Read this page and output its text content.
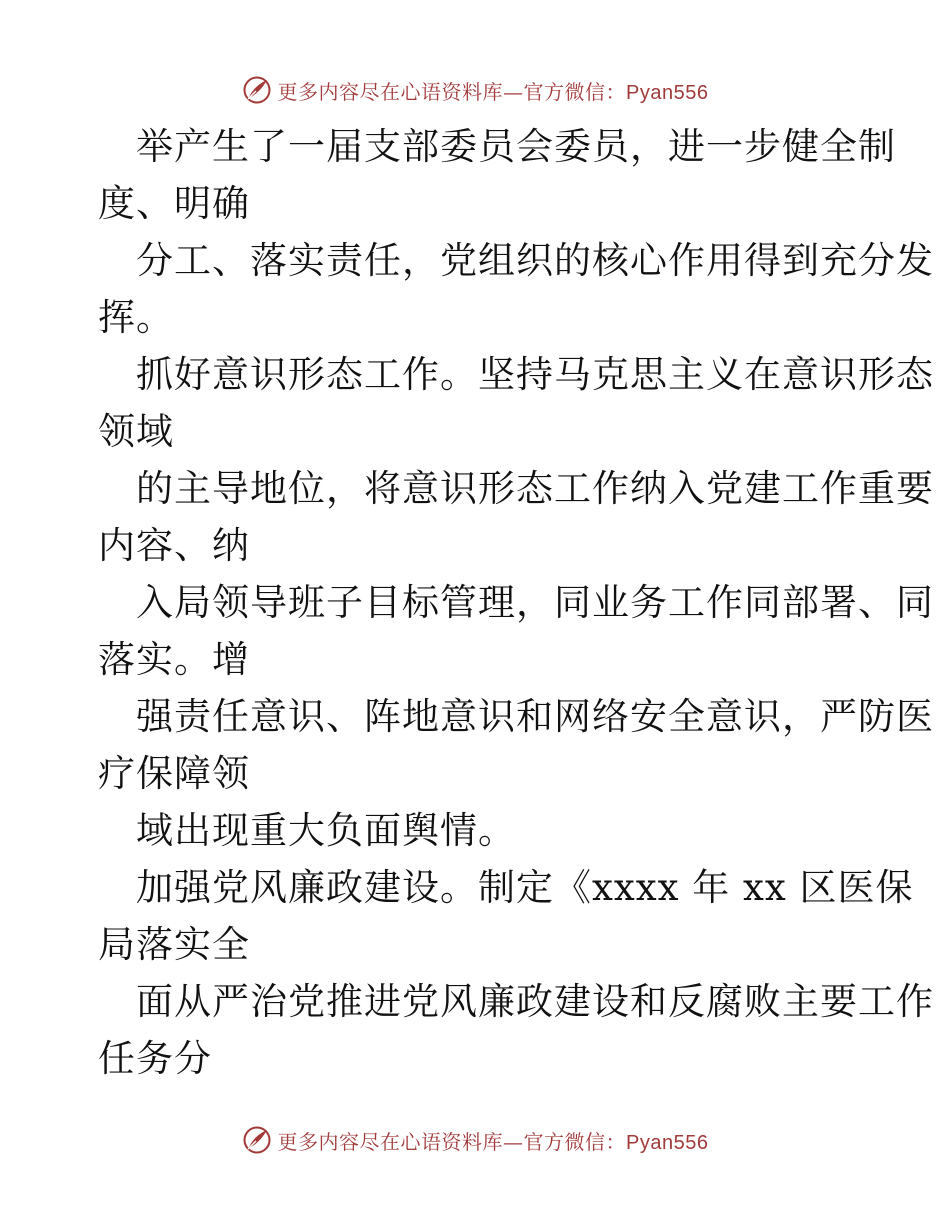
更多内容尽在心语资料库—官方微信：Pyan556
举产生了一届支部委员会委员，进一步健全制
度、明确
分工、落实责任，党组织的核心作用得到充分发
挥。
抓好意识形态工作。坚持马克思主义在意识形态
领域
的主导地位，将意识形态工作纳入党建工作重要
内容、纳
入局领导班子目标管理，同业务工作同部署、同
落实。增
强责任意识、阵地意识和网络安全意识，严防医
疗保障领
域出现重大负面舆情。
加强党风廉政建设。制定《xxxx 年 xx 区医保
局落实全
面从严治党推进党风廉政建设和反腐败主要工作
任务分
更多内容尽在心语资料库—官方微信：Pyan556
